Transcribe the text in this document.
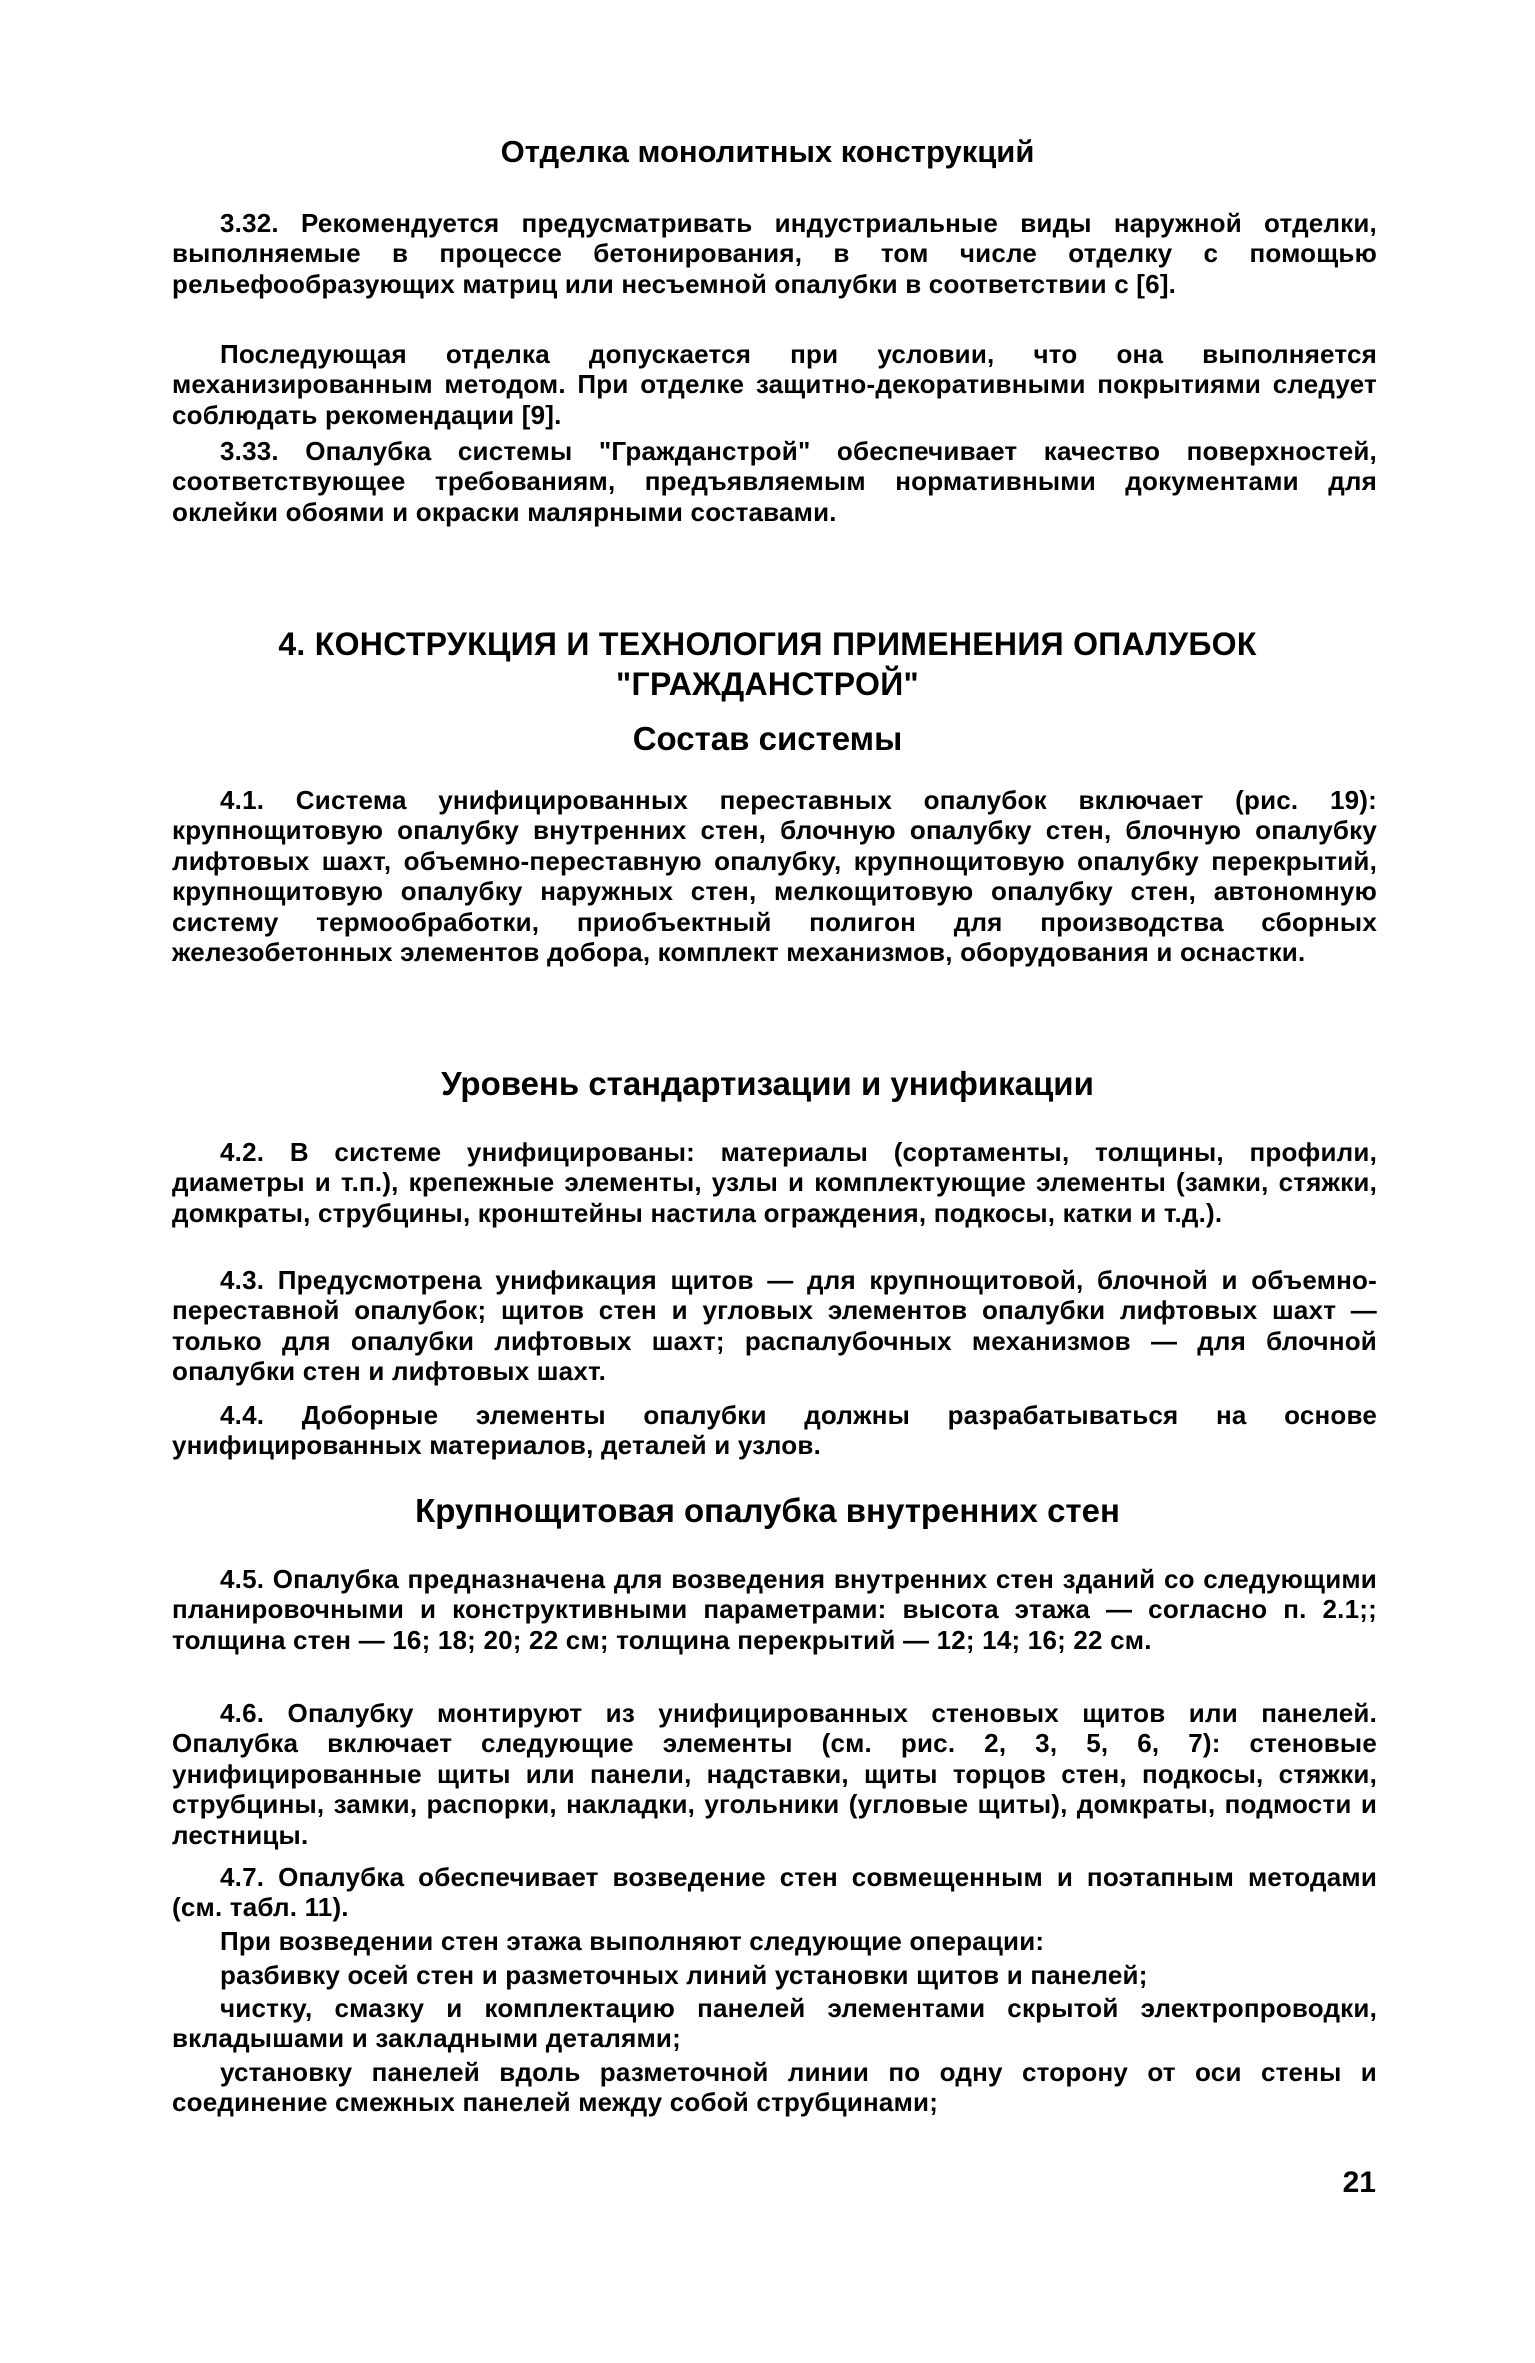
Отделка монолитных конструкций

3.32. Рекомендуется предусматривать индустриальные виды наружной отделки, выполняемые в процессе бетонирования, в том числе отделку с помощью рельефообразующих матриц или несъемной опалубки в соответствии с [6].

Последующая отделка допускается при условии, что она выполняется механизированным методом. При отделке защитно-декоративными покрытиями следует соблюдать рекомендации [9].

3.33. Опалубка системы "Гражданстрой" обеспечивает качество поверхностей, соответствующее требованиям, предъявляемым нормативными документами для оклейки обоями и окраски малярными составами.

4. КОНСТРУКЦИЯ И ТЕХНОЛОГИЯ ПРИМЕНЕНИЯ ОПАЛУБОК

"ГРАЖДАНСТРОЙ"

Состав системы

4.1. Система унифицированных переставных опалубок включает (рис. 19): крупнощитовую опалубку внутренних стен, блочную опалубку стен, блочную опалубку лифтовых шахт, объемно-переставную опалубку, крупнощитовую опалубку перекрытий, крупнощитовую опалубку наружных стен, мелкощитовую опалубку стен, автономную систему термообработки, приобъектный полигон для производства сборных железобетонных элементов добора, комплект механизмов, оборудования и оснастки.

Уровень стандартизации и унификации

4.2. В системе унифицированы: материалы (сортаменты, толщины, профили, диаметры и т.п.), крепежные элементы, узлы и комплектующие элементы (замки, стяжки, домкраты, струбцины, кронштейны настила ограждения, подкосы, катки и т.д.).

4.3. Предусмотрена унификация щитов — для крупнощитовой, блочной и объемно-переставной опалубок; щитов стен и угловых элементов опалубки лифтовых шахт — только для опалубки лифтовых шахт; распалубочных механизмов — для блочной опалубки стен и лифтовых шахт.

4.4. Доборные элементы опалубки должны разрабатываться на основе унифицированных материалов, деталей и узлов.

Крупнощитовая опалубка внутренних стен

4.5. Опалубка предназначена для возведения внутренних стен зданий со следующими планировочными и конструктивными параметрами: высота этажа — согласно п. 2.1;; толщина стен — 16; 18; 20; 22 см; толщина перекрытий — 12; 14; 16; 22 см.

4.6. Опалубку монтируют из унифицированных стеновых щитов или панелей. Опалубка включает следующие элементы (см. рис. 2, 3, 5, 6, 7): стеновые унифицированные щиты или панели, надставки, щиты торцов стен, подкосы, стяжки, струбцины, замки, распорки, накладки, угольники (угловые щиты), домкраты, подмости и лестницы.

4.7. Опалубка обеспечивает возведение стен совмещенным и поэтапным методами (см. табл. 11).

При возведении стен этажа выполняют следующие операции:

разбивку осей стен и разметочных линий установки щитов и панелей;

чистку, смазку и комплектацию панелей элементами скрытой электропроводки, вкладышами и закладными деталями;

установку панелей вдоль разметочной линии по одну сторону от оси стены и соединение смежных панелей между собой струбцинами;

21
